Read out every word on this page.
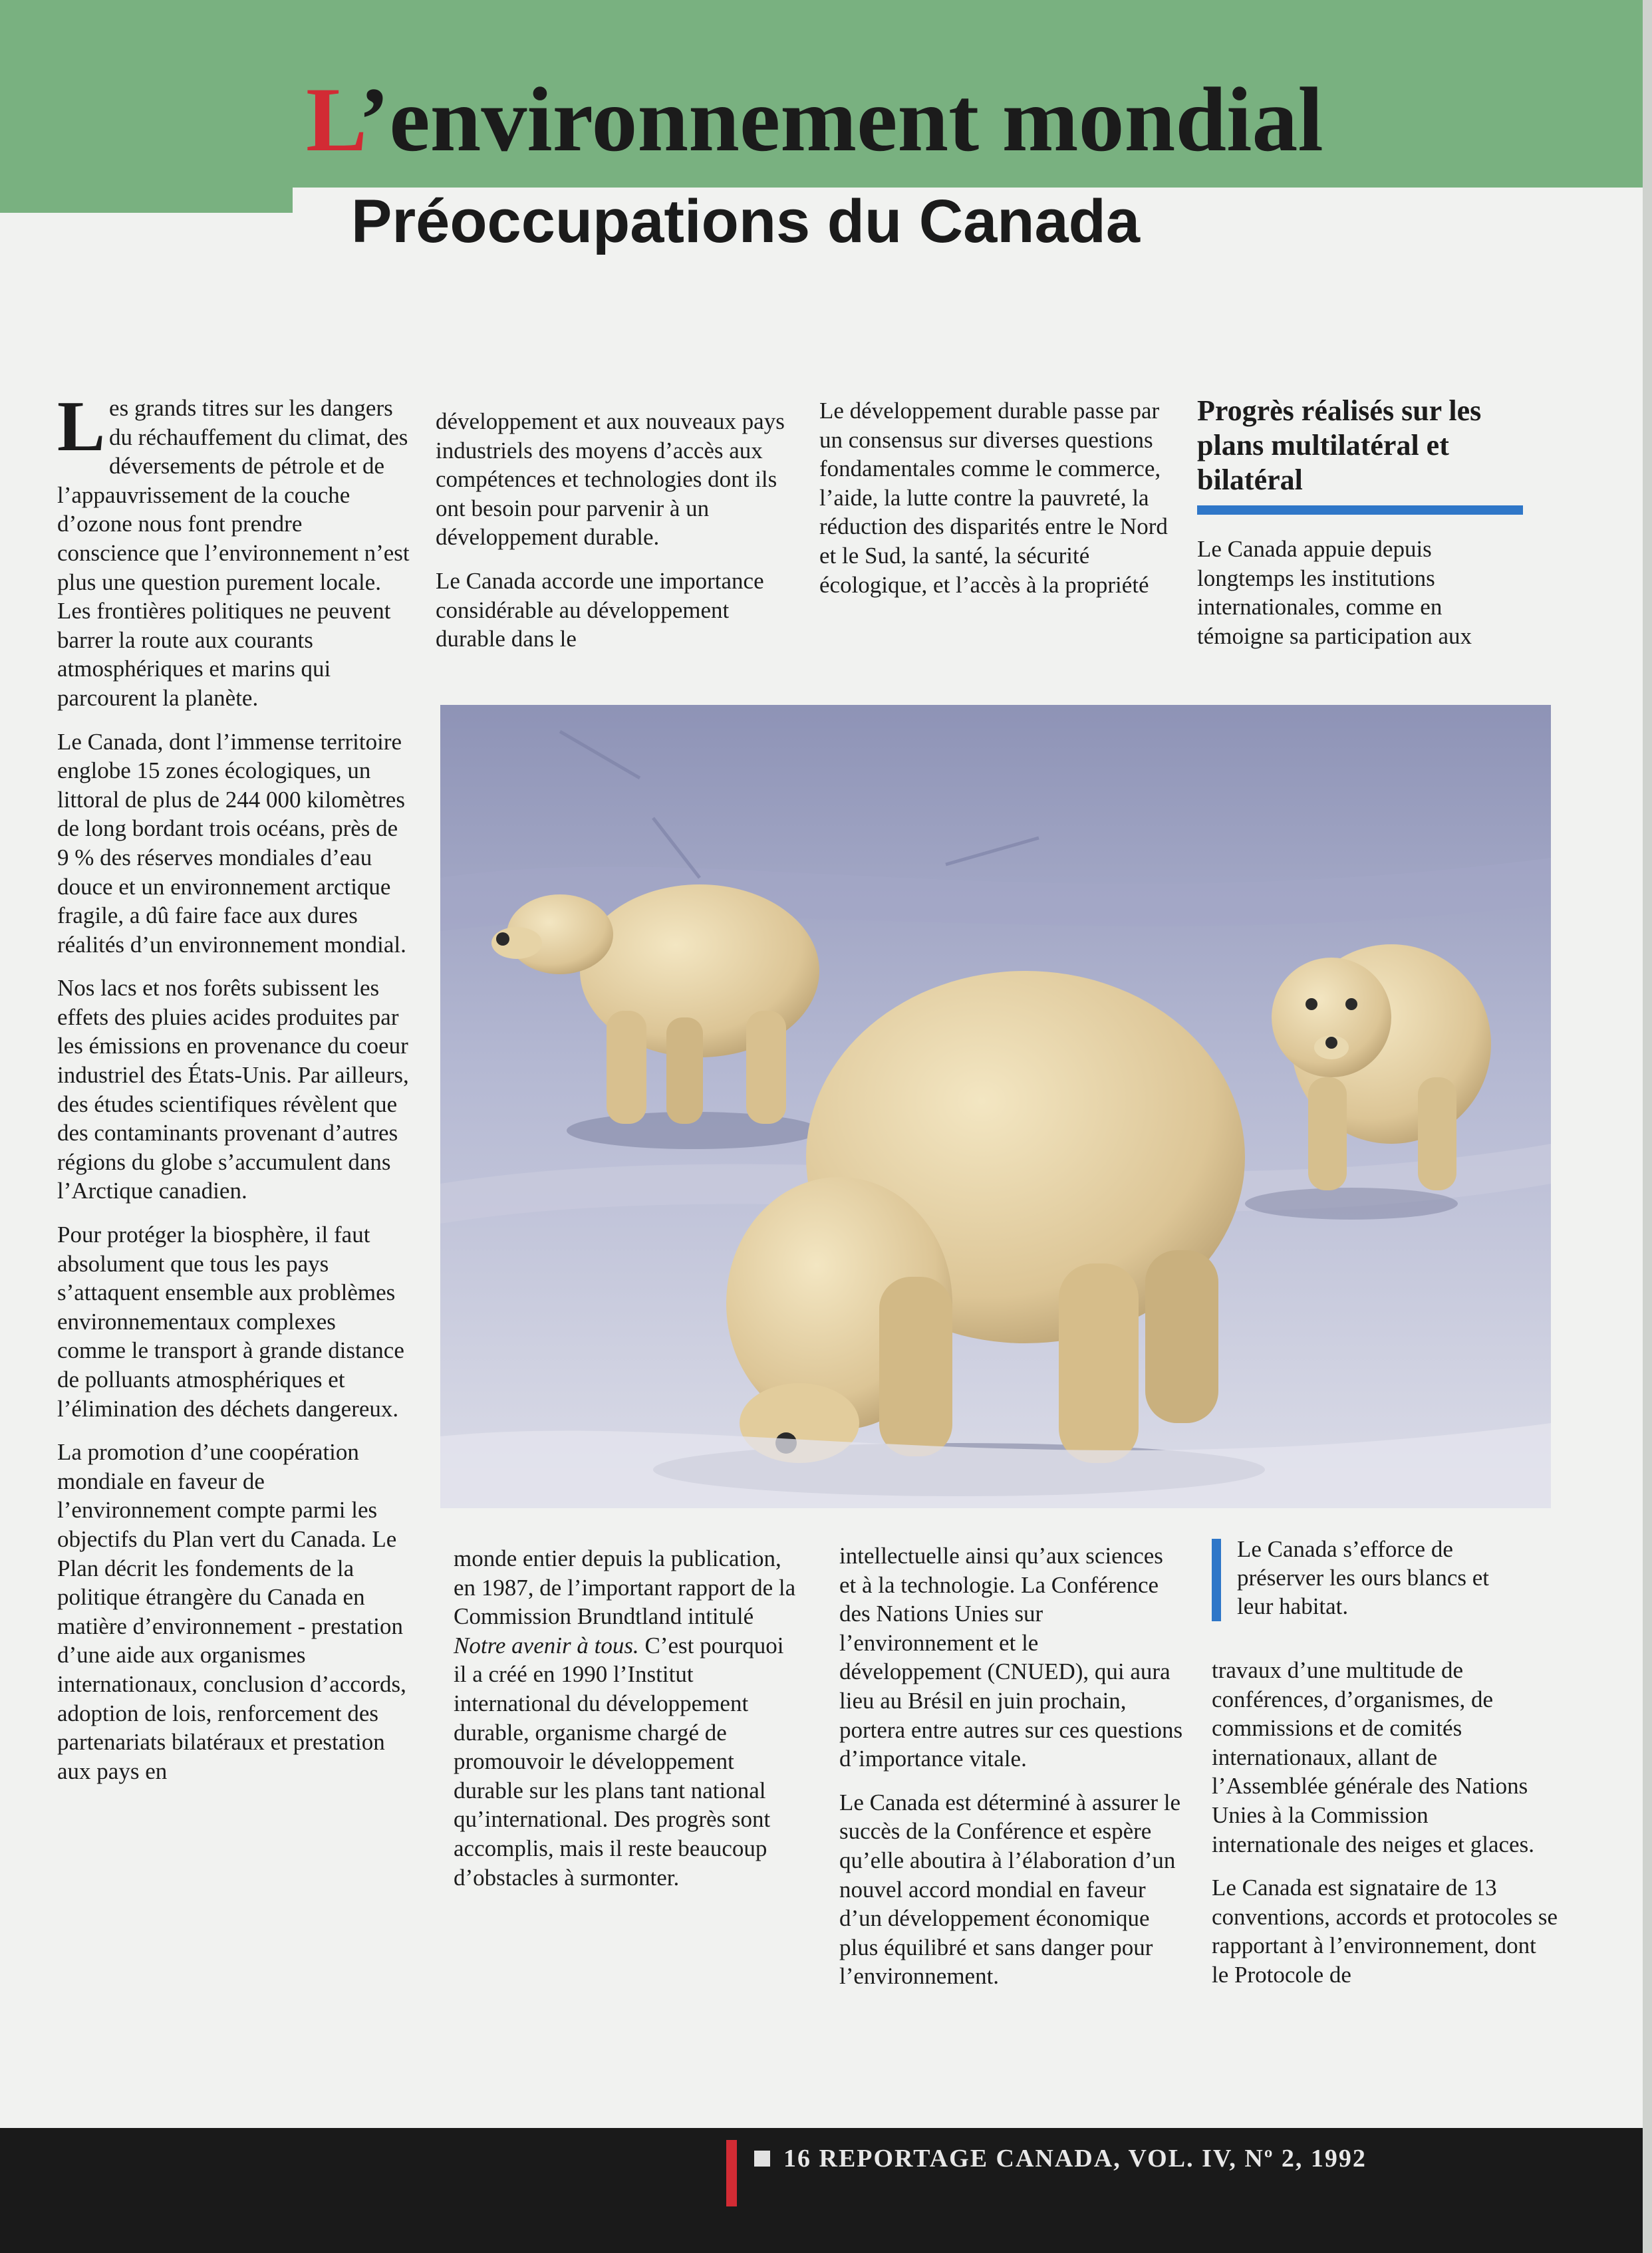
L’environnement mondial
Préoccupations du Canada

Les grands titres sur les dangers du réchauffement du climat, des déversements de pétrole et de l’appauvrissement de la couche d’ozone nous font prendre conscience que l’environnement n’est plus une question purement locale. Les frontières politiques ne peuvent barrer la route aux courants atmosphériques et marins qui parcourent la planète.

Le Canada, dont l’immense territoire englobe 15 zones écologiques, un littoral de plus de 244 000 kilomètres de long bordant trois océans, près de 9 % des réserves mondiales d’eau douce et un environnement arctique fragile, a dû faire face aux dures réalités d’un environnement mondial.

Nos lacs et nos forêts subissent les effets des pluies acides produites par les émissions en provenance du coeur industriel des États-Unis. Par ailleurs, des études scientifiques révèlent que des contaminants provenant d’autres régions du globe s’accumulent dans l’Arctique canadien.

Pour protéger la biosphère, il faut absolument que tous les pays s’attaquent ensemble aux problèmes environnementaux complexes comme le transport à grande distance de polluants atmosphériques et l’élimination des déchets dangereux.

La promotion d’une coopération mondiale en faveur de l’environnement compte parmi les objectifs du Plan vert du Canada. Le Plan décrit les fondements de la politique étrangère du Canada en matière d’environnement - prestation d’une aide aux organismes internationaux, conclusion d’accords, adoption de lois, renforcement des partenariats bilatéraux et prestation aux pays en

développement et aux nouveaux pays industriels des moyens d’accès aux compétences et technologies dont ils ont besoin pour parvenir à un développement durable.

Le Canada accorde une importance considérable au développement durable dans le

Le développement durable passe par un consensus sur diverses questions fondamentales comme le commerce, l’aide, la lutte contre la pauvreté, la réduction des disparités entre le Nord et le Sud, la santé, la sécurité écologique, et l’accès à la propriété

Progrès réalisés sur les plans multilatéral et bilatéral

Le Canada appuie depuis longtemps les institutions internationales, comme en témoigne sa participation aux

monde entier depuis la publication, en 1987, de l’important rapport de la Commission Brundtland intitulé Notre avenir à tous. C’est pourquoi il a créé en 1990 l’Institut international du développement durable, organisme chargé de promouvoir le développement durable sur les plans tant national qu’international. Des progrès sont accomplis, mais il reste beaucoup d’obstacles à surmonter.

intellectuelle ainsi qu’aux sciences et à la technologie. La Conférence des Nations Unies sur l’environnement et le développement (CNUED), qui aura lieu au Brésil en juin prochain, portera entre autres sur ces questions d’importance vitale.

Le Canada est déterminé à assurer le succès de la Conférence et espère qu’elle aboutira à l’élaboration d’un nouvel accord mondial en faveur d’un développement économique plus équilibré et sans danger pour l’environnement.

Le Canada s’efforce de préserver les ours blancs et leur habitat.

travaux d’une multitude de conférences, d’organismes, de commissions et de comités internationaux, allant de l’Assemblée générale des Nations Unies à la Commission internationale des neiges et glaces.

Le Canada est signataire de 13 conventions, accords et protocoles se rapportant à l’environnement, dont le Protocole de

16 REPORTAGE CANADA, VOL. IV, Nº 2, 1992
